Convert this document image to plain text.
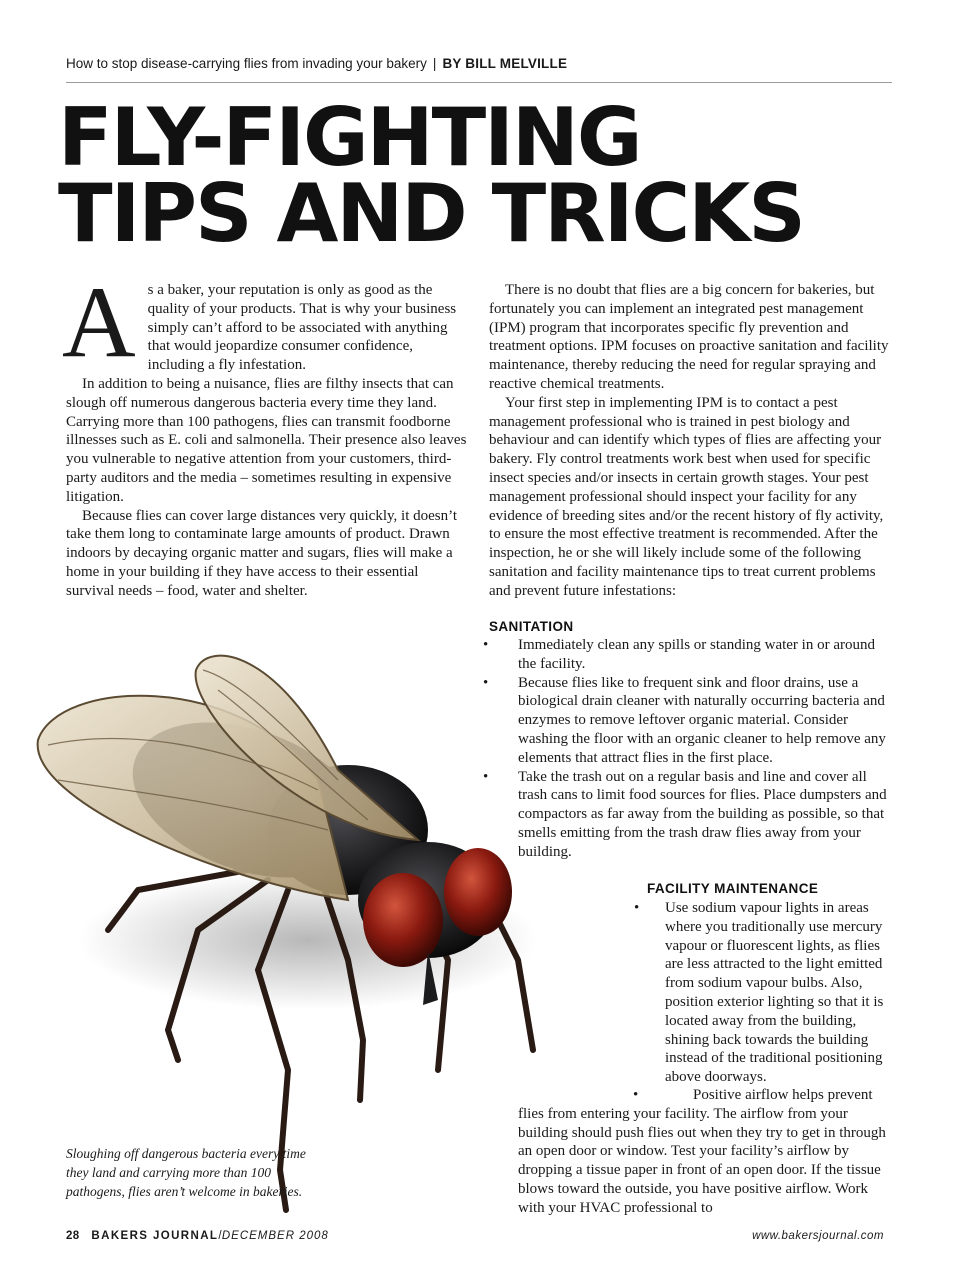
How to stop disease-carrying flies from invading your bakery | BY BILL MELVILLE
FLY-FIGHTING
TIPS AND TRICKS

As a baker, your reputation is only as good as the quality of your products. That is why your business simply can’t afford to be associated with anything that would jeopardize consumer confidence, including a fly infestation.

In addition to being a nuisance, flies are filthy insects that can slough off numerous dangerous bacteria every time they land. Carrying more than 100 pathogens, flies can transmit foodborne illnesses such as E. coli and salmonella. Their presence also leaves you vulnerable to negative attention from your customers, third-party auditors and the media – sometimes resulting in expensive litigation.

Because flies can cover large distances very quickly, it doesn’t take them long to contaminate large amounts of product. Drawn indoors by decaying organic matter and sugars, flies will make a home in your building if they have access to their essential survival needs – food, water and shelter.

There is no doubt that flies are a big concern for bakeries, but fortunately you can implement an integrated pest management (IPM) program that incorporates specific fly prevention and treatment options. IPM focuses on proactive sanitation and facility maintenance, thereby reducing the need for regular spraying and reactive chemical treatments.

Your first step in implementing IPM is to contact a pest management professional who is trained in pest biology and behaviour and can identify which types of flies are affecting your bakery. Fly control treatments work best when used for specific insect species and/or insects in certain growth stages. Your pest management professional should inspect your facility for any evidence of breeding sites and/or the recent history of fly activity, to ensure the most effective treatment is recommended. After the inspection, he or she will likely include some of the following sanitation and facility maintenance tips to treat current problems and prevent future infestations:

SANITATION
• Immediately clean any spills or standing water in or around the facility.
• Because flies like to frequent sink and floor drains, use a biological drain cleaner with naturally occurring bacteria and enzymes to remove leftover organic material. Consider washing the floor with an organic cleaner to help remove any elements that attract flies in the first place.
• Take the trash out on a regular basis and line and cover all trash cans to limit food sources for flies. Place dumpsters and compactors as far away from the building as possible, so that smells emitting from the trash draw flies away from your building.
FACILITY MAINTENANCE
•	Use sodium vapour lights in areas where you traditionally use mercury vapour or fluorescent lights, as flies are less attracted to the light emitted from sodium vapour bulbs. Also, position exterior lighting so that it is located away from the building, shining back towards the building instead of the traditional positioning above doorways.
•	Positive airflow helps prevent
flies from entering your facility. The airflow from your building should push flies out when they try to get in through an open door or window. Test your facility’s airflow by dropping a tissue paper in front of an open door. If the tissue blows toward the outside, you have positive airflow. Work with your HVAC professional to

Sloughing off dangerous bacteria every time they land and carrying more than 100 pathogens, flies aren’t welcome in bakeries.

28 BAKERS JOURNAL/DECEMBER 2008	www.bakersjournal.com
